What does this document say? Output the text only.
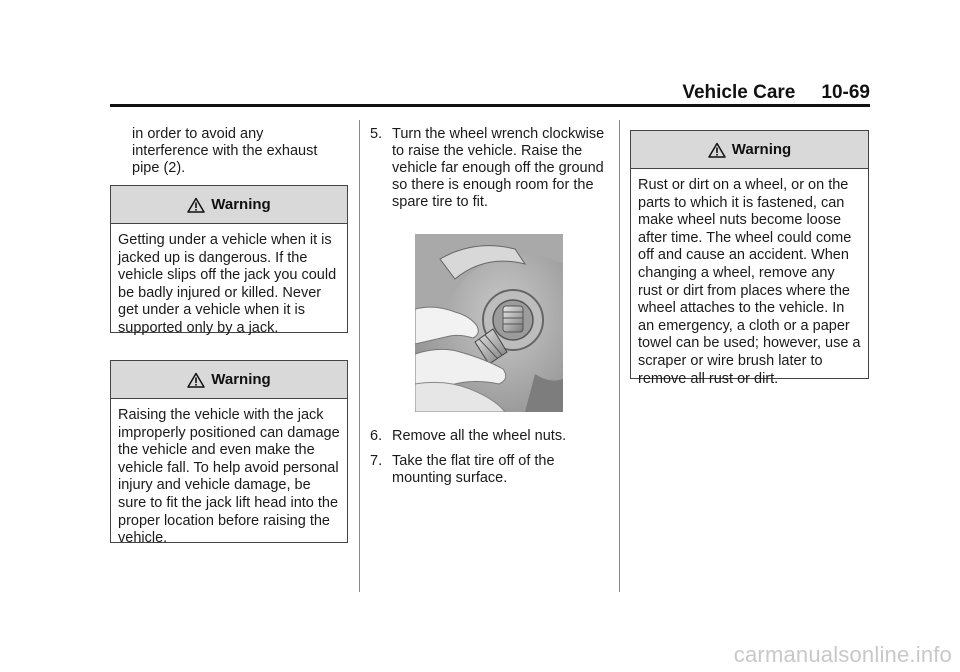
Vehicle Care 10-69

in order to avoid any interference with the exhaust pipe (2).

Warning
Getting under a vehicle when it is jacked up is dangerous. If the vehicle slips off the jack you could be badly injured or killed. Never get under a vehicle when it is supported only by a jack.
Warning
Raising the vehicle with the jack improperly positioned can damage the vehicle and even make the vehicle fall. To help avoid personal injury and vehicle damage, be sure to fit the jack lift head into the proper location before raising the vehicle.
5. Turn the wheel wrench clockwise to raise the vehicle. Raise the vehicle far enough off the ground so there is enough room for the spare tire to fit.
6. Remove all the wheel nuts.
7. Take the flat tire off of the mounting surface.
Warning
Rust or dirt on a wheel, or on the parts to which it is fastened, can make wheel nuts become loose after time. The wheel could come off and cause an accident. When changing a wheel, remove any rust or dirt from places where the wheel attaches to the vehicle. In an emergency, a cloth or a paper towel can be used; however, use a scraper or wire brush later to remove all rust or dirt.
carmanualsonline.info
